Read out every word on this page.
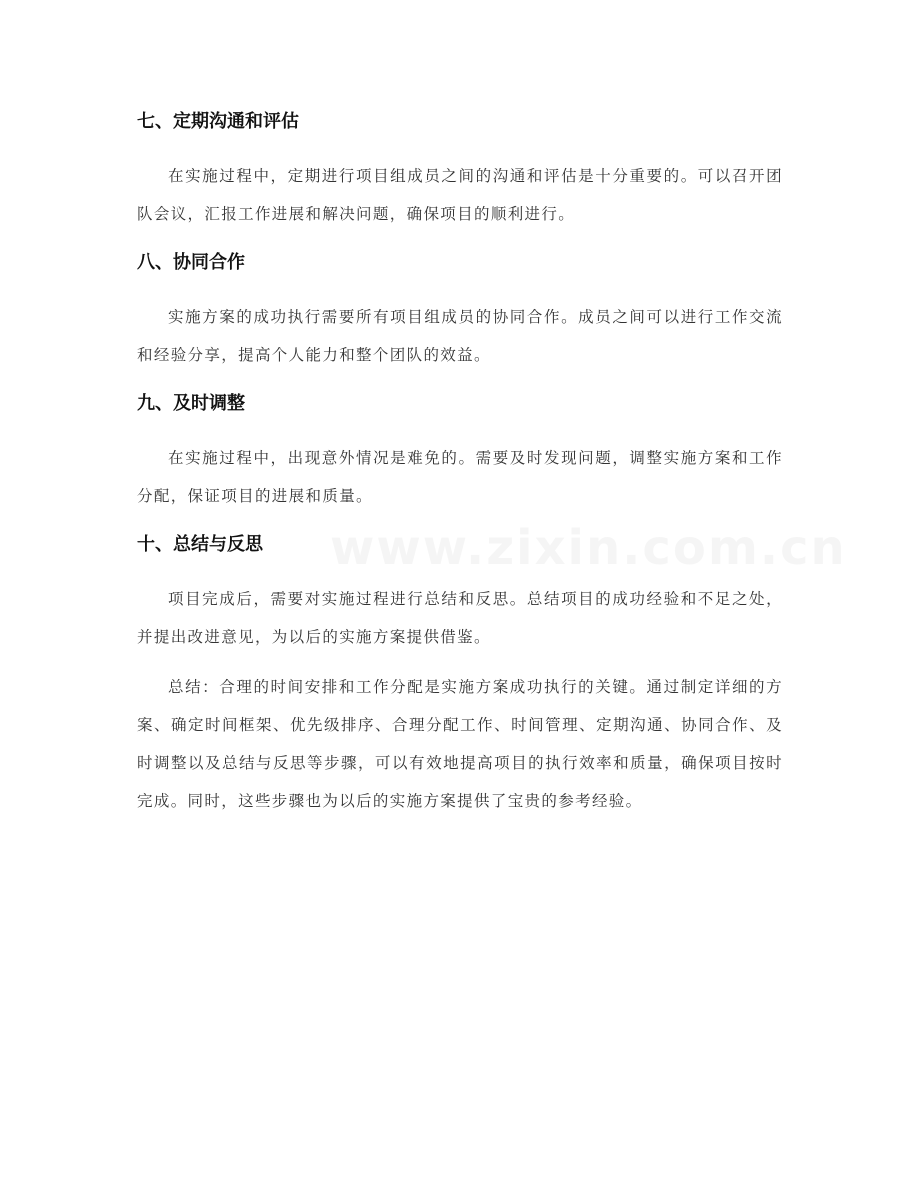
www.zixin.com.cn
七、定期沟通和评估

在实施过程中，定期进行项目组成员之间的沟通和评估是十分重要的。可以召开团队会议，汇报工作进展和解决问题，确保项目的顺利进行。

八、协同合作

实施方案的成功执行需要所有项目组成员的协同合作。成员之间可以进行工作交流和经验分享，提高个人能力和整个团队的效益。

九、及时调整

在实施过程中，出现意外情况是难免的。需要及时发现问题，调整实施方案和工作分配，保证项目的进展和质量。

十、总结与反思

项目完成后，需要对实施过程进行总结和反思。总结项目的成功经验和不足之处，并提出改进意见，为以后的实施方案提供借鉴。

总结：合理的时间安排和工作分配是实施方案成功执行的关键。通过制定详细的方案、确定时间框架、优先级排序、合理分配工作、时间管理、定期沟通、协同合作、及时调整以及总结与反思等步骤，可以有效地提高项目的执行效率和质量，确保项目按时完成。同时，这些步骤也为以后的实施方案提供了宝贵的参考经验。
